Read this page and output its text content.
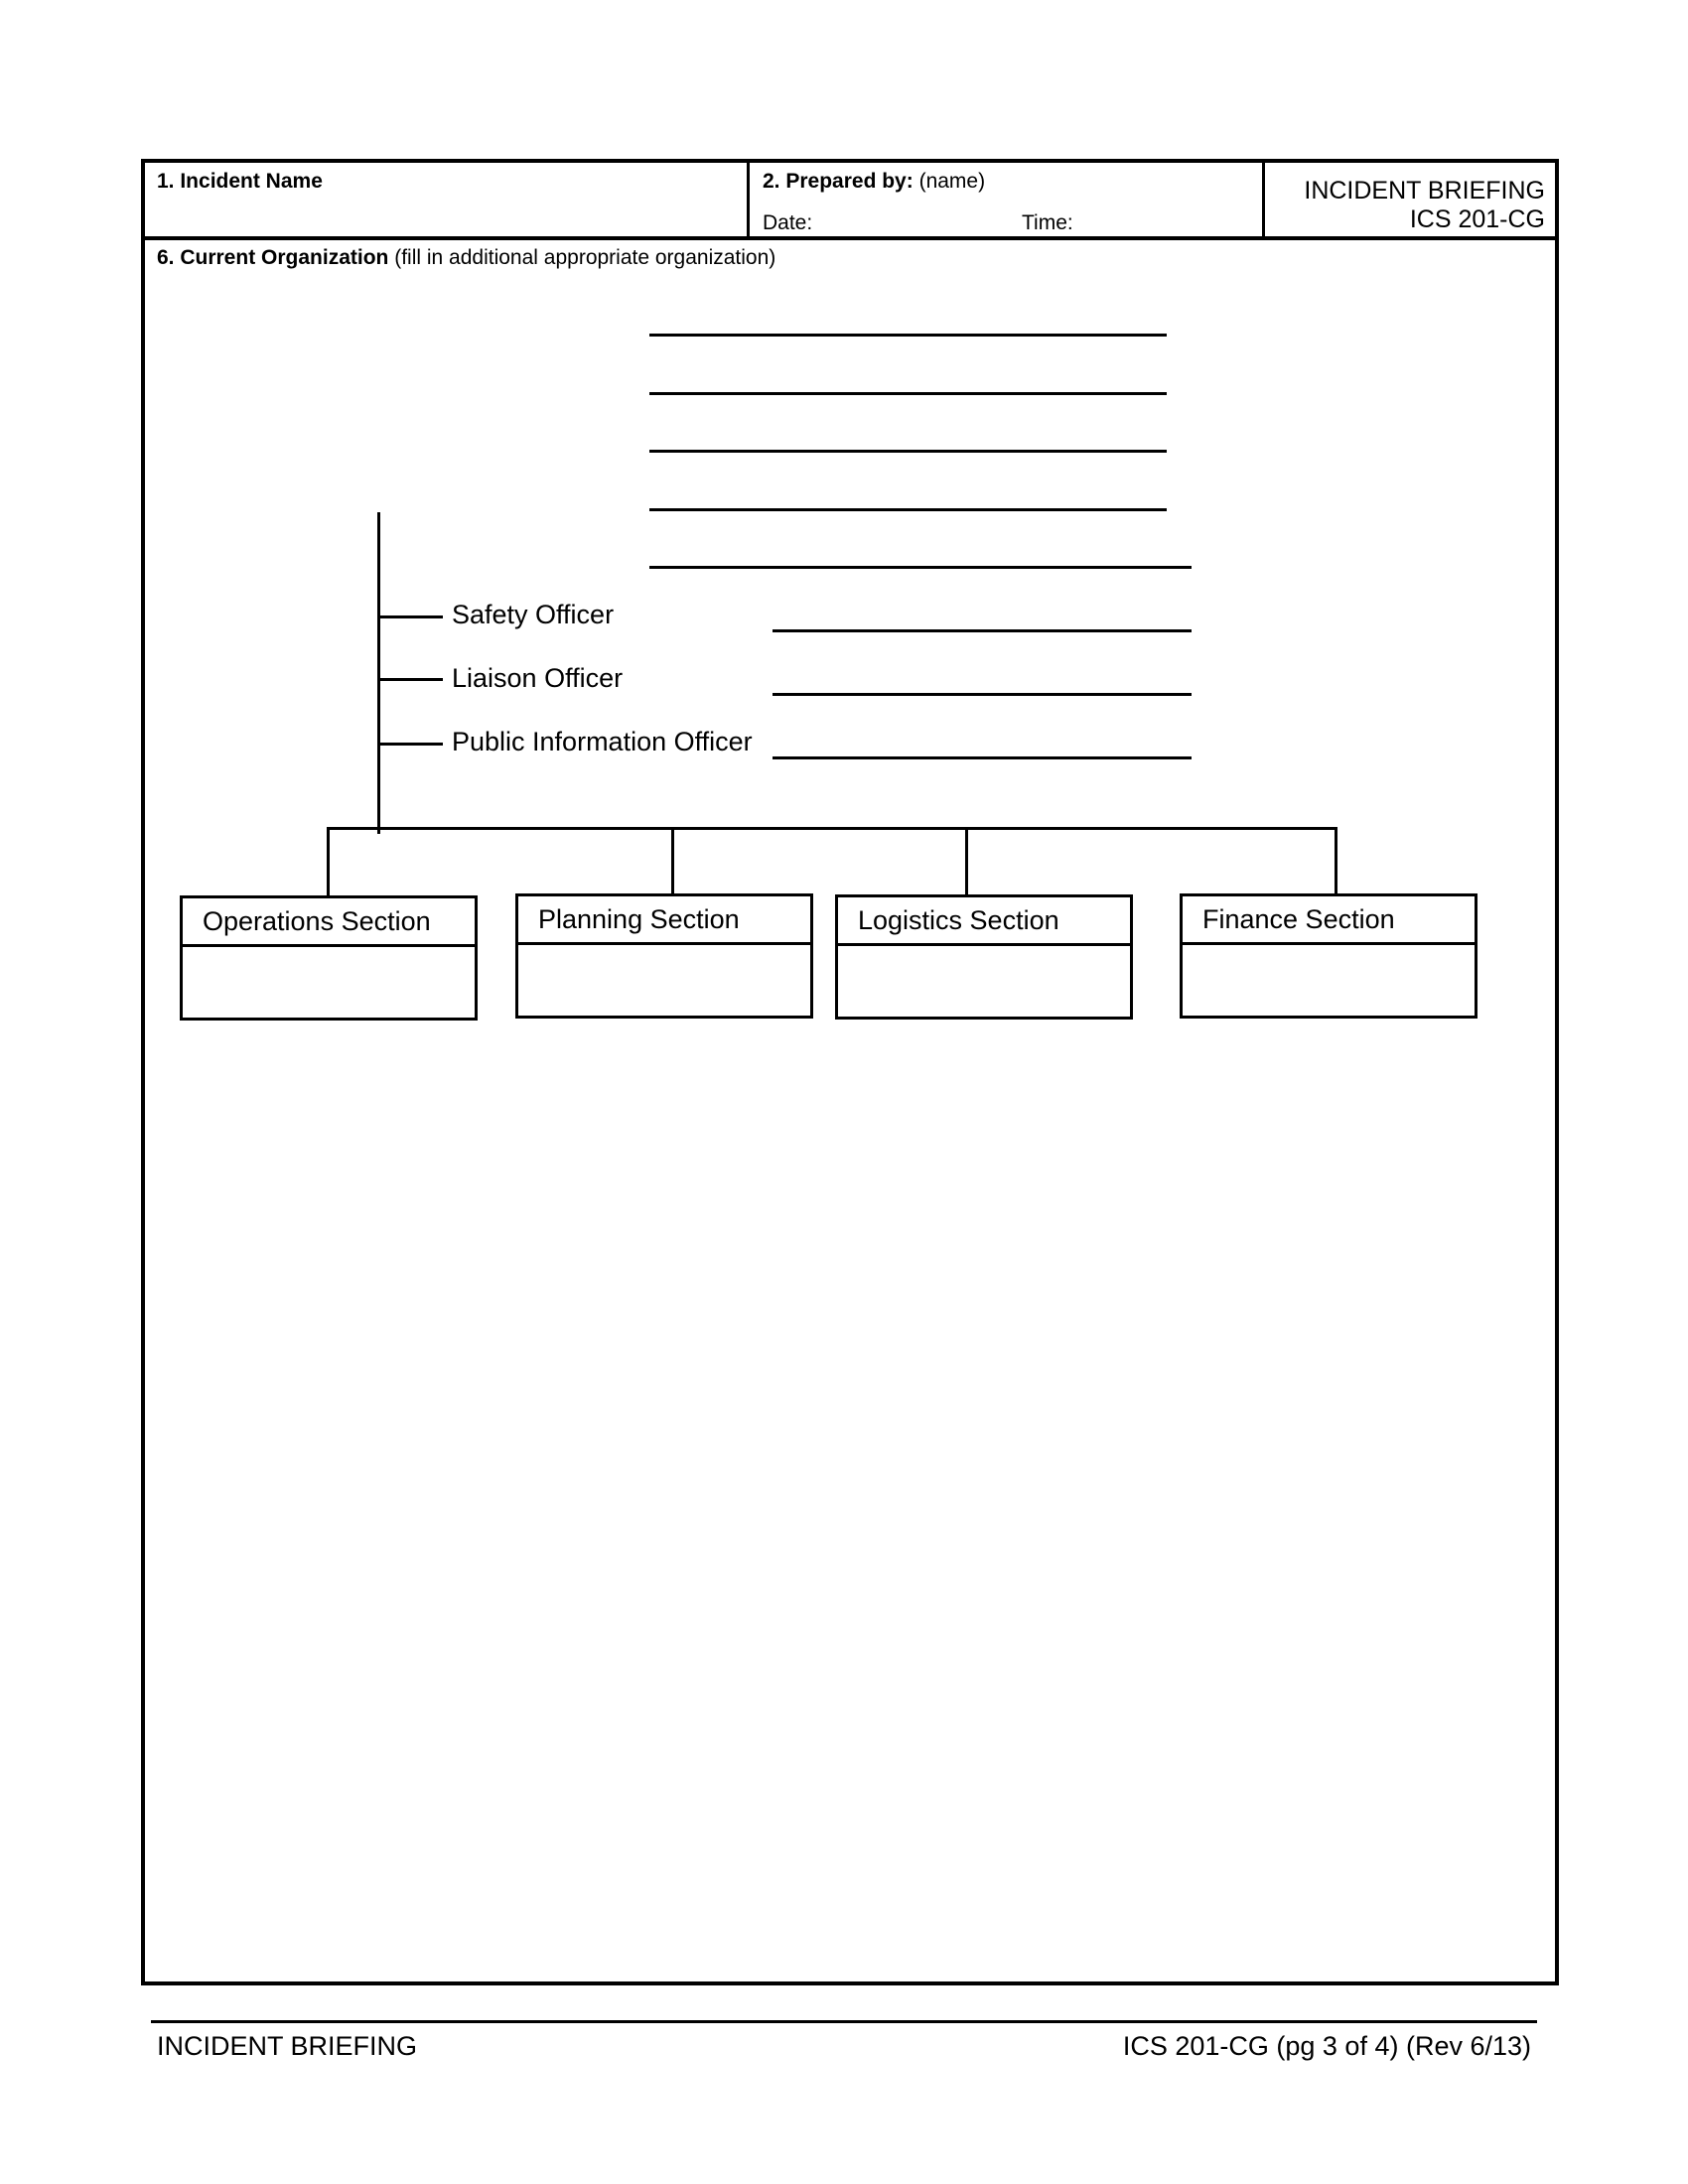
1. Incident Name	2. Prepared by: (name)
Date:	Time:
INCIDENT BRIEFING
ICS 201-CG
6. Current Organization (fill in additional appropriate organization)
Safety Officer
Liaison Officer
Public Information Officer
Operations Section	Planning Section	Logistics Section	Finance Section
INCIDENT BRIEFING	ICS 201-CG (pg 3 of 4) (Rev 6/13)
